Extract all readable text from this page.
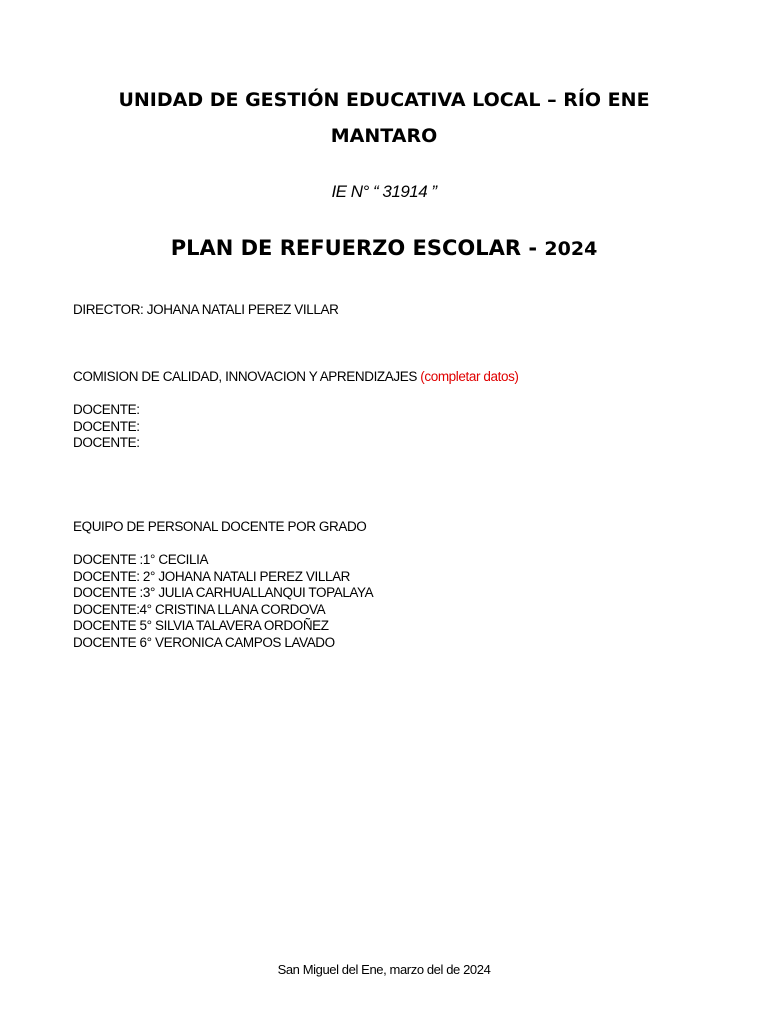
UNIDAD DE GESTIÓN EDUCATIVA LOCAL – RÍO ENE
MANTARO
IE N° “ 31914 ”
PLAN DE REFUERZO ESCOLAR - 2024
DIRECTOR: JOHANA NATALI PEREZ VILLAR
COMISION DE CALIDAD, INNOVACION Y APRENDIZAJES (completar datos)
DOCENTE:
DOCENTE:
DOCENTE:
EQUIPO DE PERSONAL DOCENTE POR GRADO
DOCENTE :1° CECILIA
DOCENTE: 2° JOHANA NATALI PEREZ VILLAR
DOCENTE :3° JULIA CARHUALLANQUI TOPALAYA
DOCENTE:4° CRISTINA LLANA CORDOVA
DOCENTE 5° SILVIA TALAVERA ORDOÑEZ
DOCENTE 6° VERONICA CAMPOS LAVADO
San Miguel del Ene, marzo del de 2024
